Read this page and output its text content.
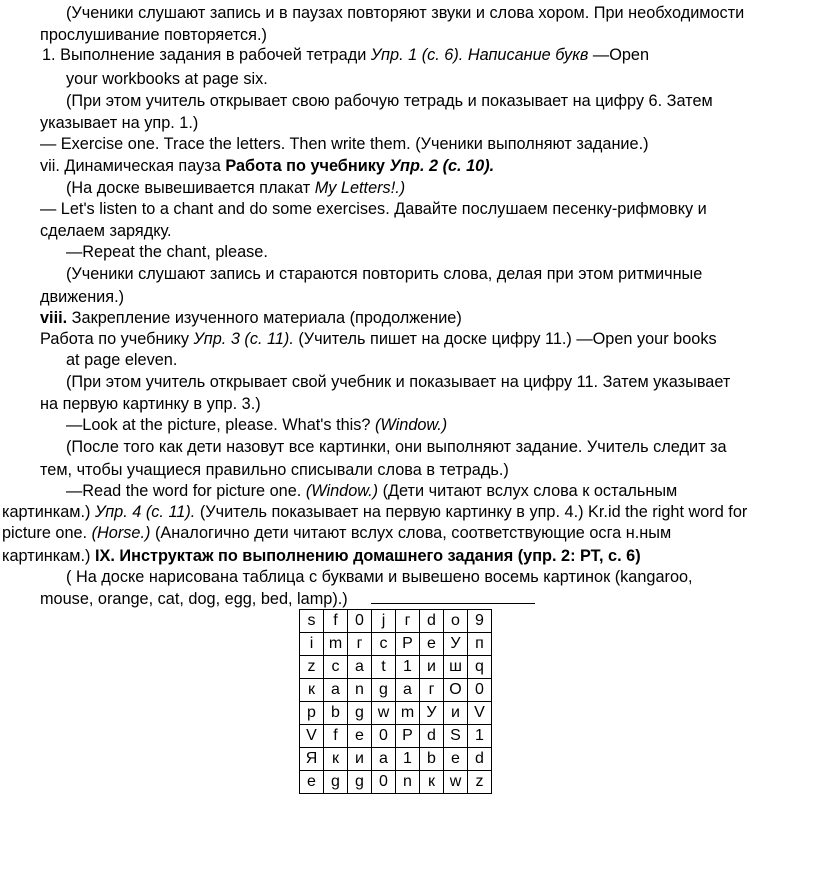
(Ученики слушают запись и в паузах повторяют звуки и слова хором. При необходимости
прослушивание повторяется.)
1. Выполнение задания в рабочей тетради Упр. 1 (с. 6). Написание букв —Open
your workbooks at page six.
(При этом учитель открывает свою рабочую тетрадь и показывает на цифру 6. Затем
указывает на упр. 1.)
— Exercise one. Trace the letters. Then write them. (Ученики выполняют задание.)
vii. Динамическая пауза Работа по учебнику Упр. 2 (с. 10).
(На доске вывешивается плакат My Letters!.)
— Let's listen to a chant and do some exercises. Давайте послушаем песенку-рифмовку и
сделаем зарядку.
—Repeat the chant, please.
(Ученики слушают запись и стараются повторить слова, делая при этом ритмичные
движения.)
viii. Закрепление изученного материала (продолжение)
Работа по учебнику Упр. 3 (с. 11). (Учитель пишет на доске цифру 11.) —Open your books
at page eleven.
(При этом учитель открывает свой учебник и показывает на цифру 11. Затем указывает
на первую картинку в упр. 3.)
—Look at the picture, please. What's this? (Window.)
(После того как дети назовут все картинки, они выполняют задание. Учитель следит за
тем, чтобы учащиеся правильно списывали слова в тетрадь.)
—Read the word for picture one. (Window.) (Дети читают вслух слова к остальным
картинкам.) Упр. 4 (с. 11). (Учитель показывает на первую картинку в упр. 4.) Kr.id the right word for
picture one. (Horse.) (Аналогично дети читают вслух слова, соответствующие осга н.ным
картинкам.) IX. Инструктаж по выполнению домашнего задания (упр. 2: РТ, с. 6)
( На доске нарисована таблица с буквами и вывешено восемь картинок (kangaroo,
mouse, orange, cat, dog, egg, bed, lamp).)
s	f	0	j	г	d	o	9
i	m	г	с	Р	е	У	п
z	с	а	t	1	и	ш	q
к	а	n	g	а	г	О	0
р	b	g	w	m	У	и	V
V	f	е	0	Р	d	S	1
Я	к	и	а	1	b	е	d
е	g	g	0	n	к	w	z
